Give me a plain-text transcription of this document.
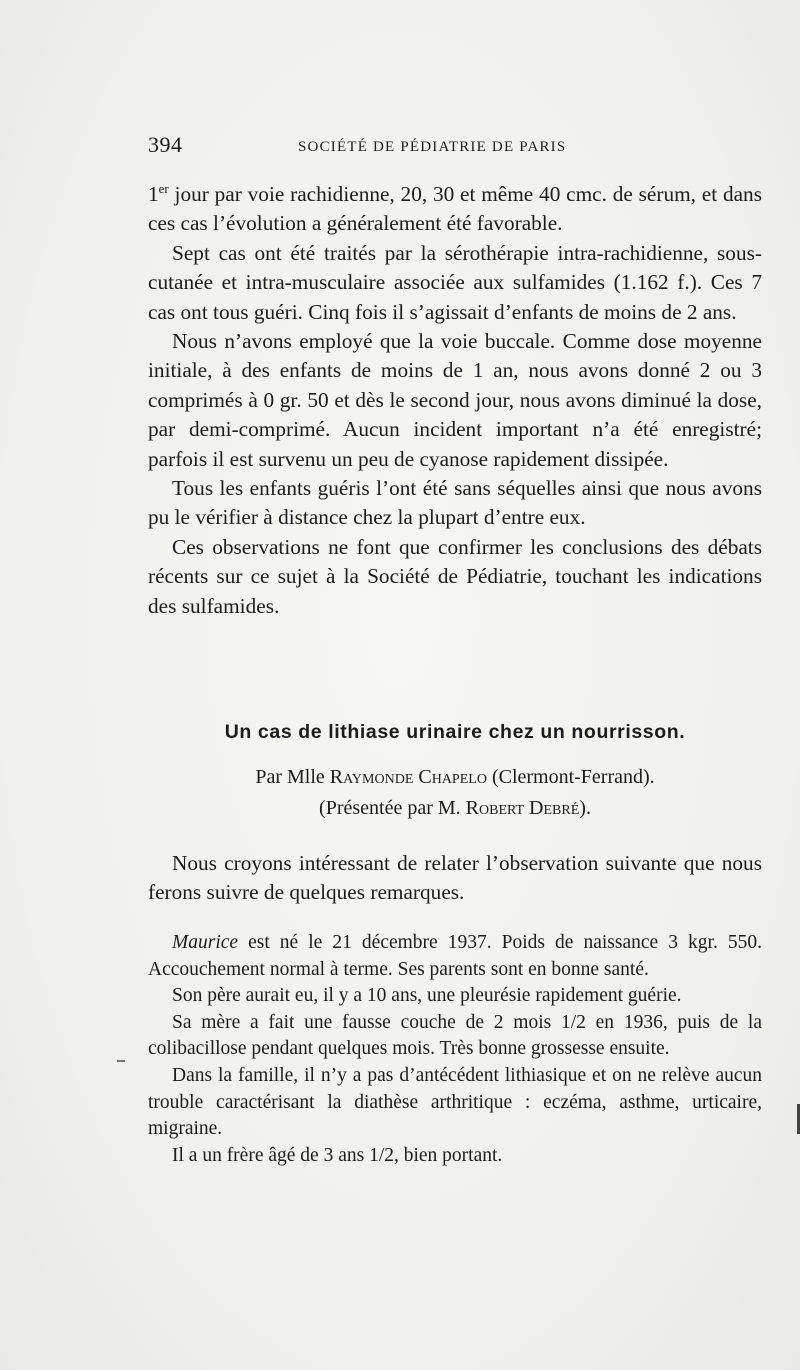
394	SOCIÉTÉ DE PÉDIATRIE DE PARIS

1er jour par voie rachidienne, 20, 30 et même 40 cmc. de sérum, et dans ces cas l’évolution a généralement été favorable.

Sept cas ont été traités par la sérothérapie intra-rachidienne, sous-cutanée et intra-musculaire associée aux sulfamides (1.162 f.). Ces 7 cas ont tous guéri. Cinq fois il s’agissait d’enfants de moins de 2 ans.

Nous n’avons employé que la voie buccale. Comme dose moyenne initiale, à des enfants de moins de 1 an, nous avons donné 2 ou 3 comprimés à 0 gr. 50 et dès le second jour, nous avons diminué la dose, par demi-comprimé. Aucun incident important n’a été enregistré; parfois il est survenu un peu de cyanose rapidement dissipée.

Tous les enfants guéris l’ont été sans séquelles ainsi que nous avons pu le vérifier à distance chez la plupart d’entre eux.

Ces observations ne font que confirmer les conclusions des débats récents sur ce sujet à la Société de Pédiatrie, touchant les indications des sulfamides.

Un cas de lithiase urinaire chez un nourrisson.
Par Mlle Raymonde Chapelo (Clermont-Ferrand).
(Présentée par M. Robert Debré).

Nous croyons intéressant de relater l’observation suivante que nous ferons suivre de quelques remarques.

Maurice est né le 21 décembre 1937. Poids de naissance 3 kgr. 550. Accouchement normal à terme. Ses parents sont en bonne santé.

Son père aurait eu, il y a 10 ans, une pleurésie rapidement guérie.

Sa mère a fait une fausse couche de 2 mois 1/2 en 1936, puis de la colibacillose pendant quelques mois. Très bonne grossesse ensuite.

Dans la famille, il n’y a pas d’antécédent lithiasique et on ne relève aucun trouble caractérisant la diathèse arthritique : eczéma, asthme, urticaire, migraine.

Il a un frère âgé de 3 ans 1/2, bien portant.
